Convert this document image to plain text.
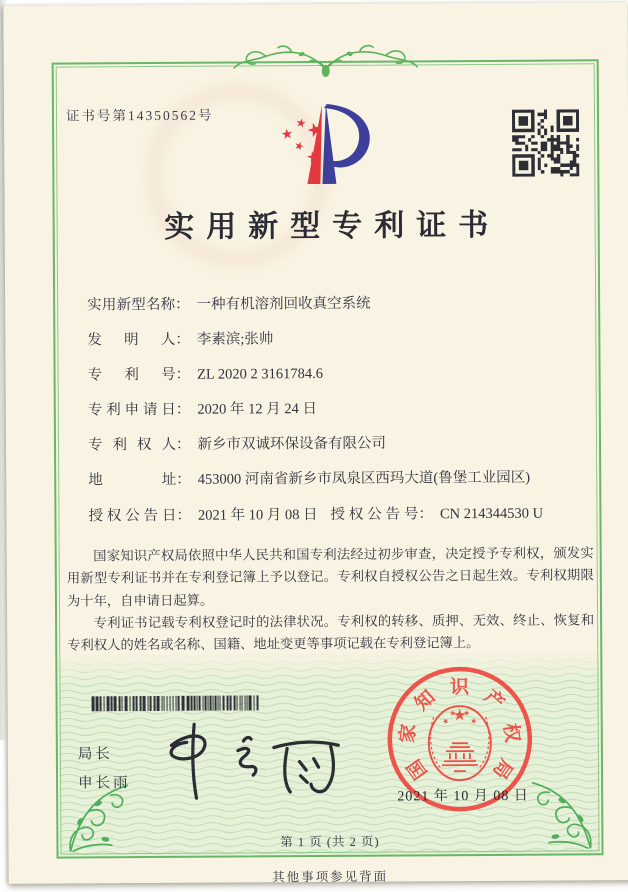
证书号第14350562号
实用新型专利证书
实用新型名称： 一种有机溶剂回收真空系统
发明人： 李素滨;张帅
专利号： ZL 2020 2 3161784.6
专利申请日： 2020 年 12 月 24 日
专利权人： 新乡市双诚环保设备有限公司
地址： 453000 河南省新乡市凤泉区西玛大道(鲁堡工业园区)
授权公告日： 2021 年 10 月 08 日 授权公告号： CN 214344530 U

国家知识产权局依照中华人民共和国专利法经过初步审查，决定授予专利权，颁发实用新型专利证书并在专利登记簿上予以登记。专利权自授权公告之日起生效。专利权期限为十年，自申请日起算。

专利证书记载专利权登记时的法律状况。专利权的转移、质押、无效、终止、恢复和专利权人的姓名或名称、国籍、地址变更等事项记载在专利登记簿上。

局长
申长雨
国
家
知 识 产
权
局
2021 年 10 月 08 日
第 1 页 (共 2 页)
其他事项参见背面
